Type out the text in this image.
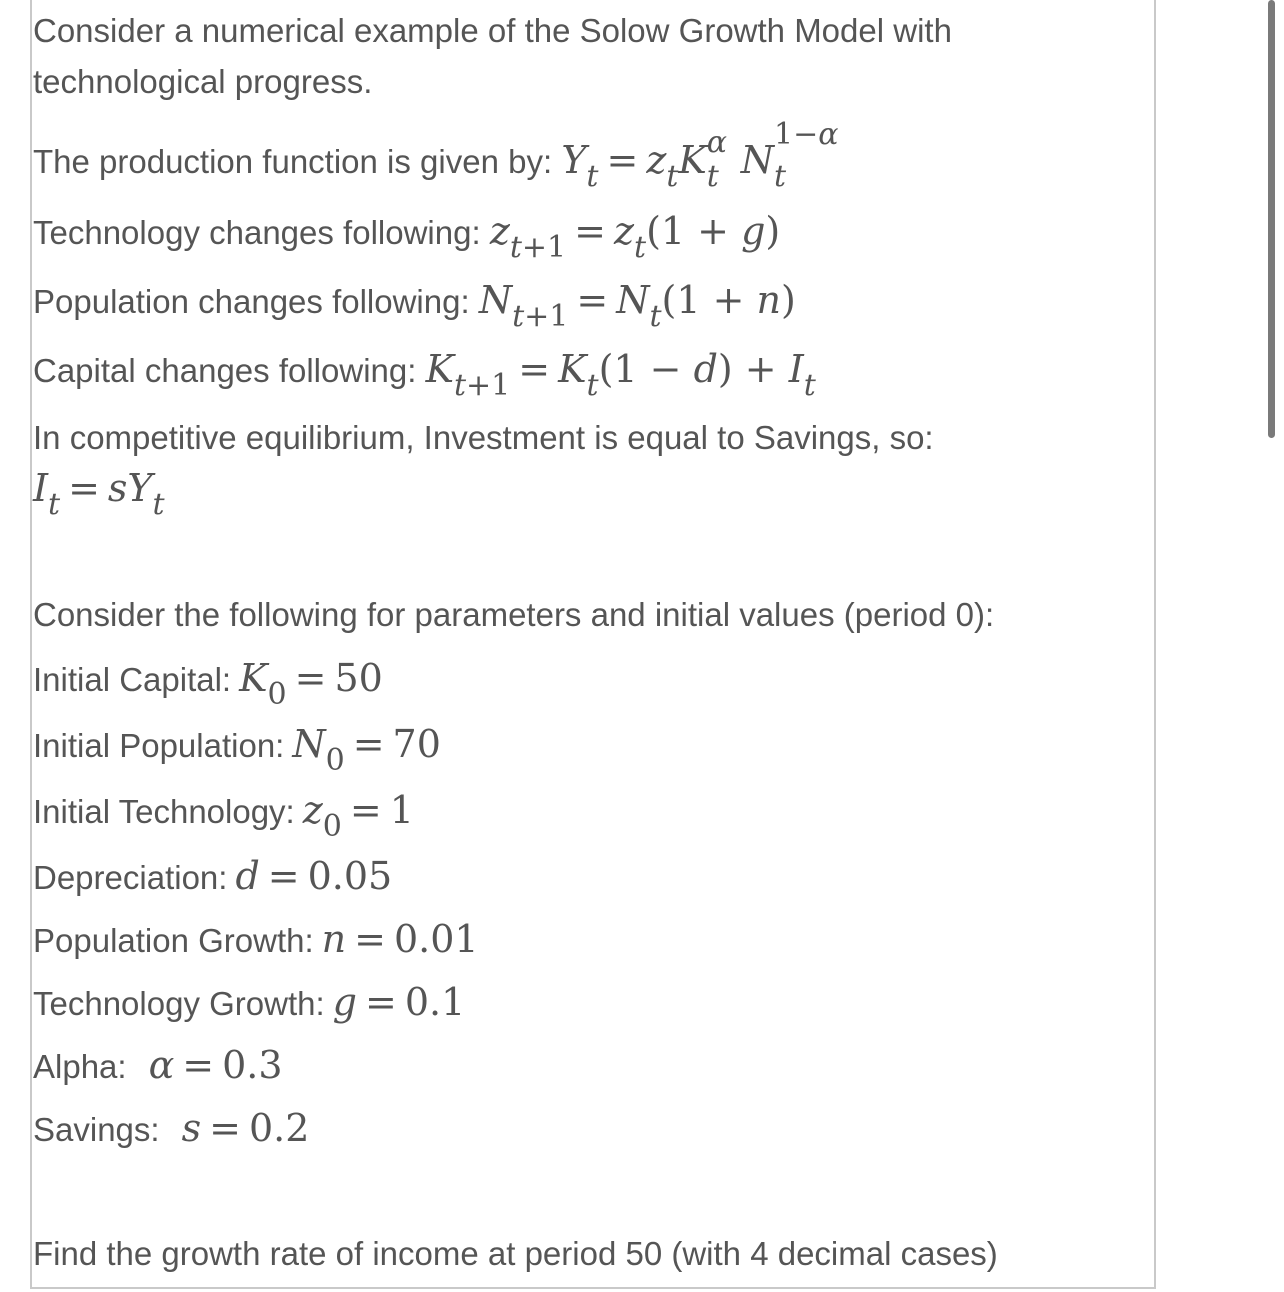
Consider a numerical example of the Solow Growth Model with
technological progress.
The production function is given by: $Y_t = z_tK$ α
t N
1−α
t
Technology changes following: $z_{t+1} = z_t(1 + g)$
Population changes following: $N_{t+1} = N_t(1 + n)$
Capital changes following: $K_{t+1} = K_t(1 - d) + I_t$
In competitive equilibrium, Investment is equal to Savings, so:
$I_t = sY_t$
Consider the following for parameters and initial values (period 0):
Initial Capital: $K_0 = 50$
Initial Population: $N_0 = 70$
Initial Technology: $z_0 = 1$
Depreciation: d = 0.05
Population Growth: n = 0.01
Technology Growth: g = 0.1
Alpha: α = 0.3
Savings: s = 0.2
Find the growth rate of income at period 50 (with 4 decimal cases)
